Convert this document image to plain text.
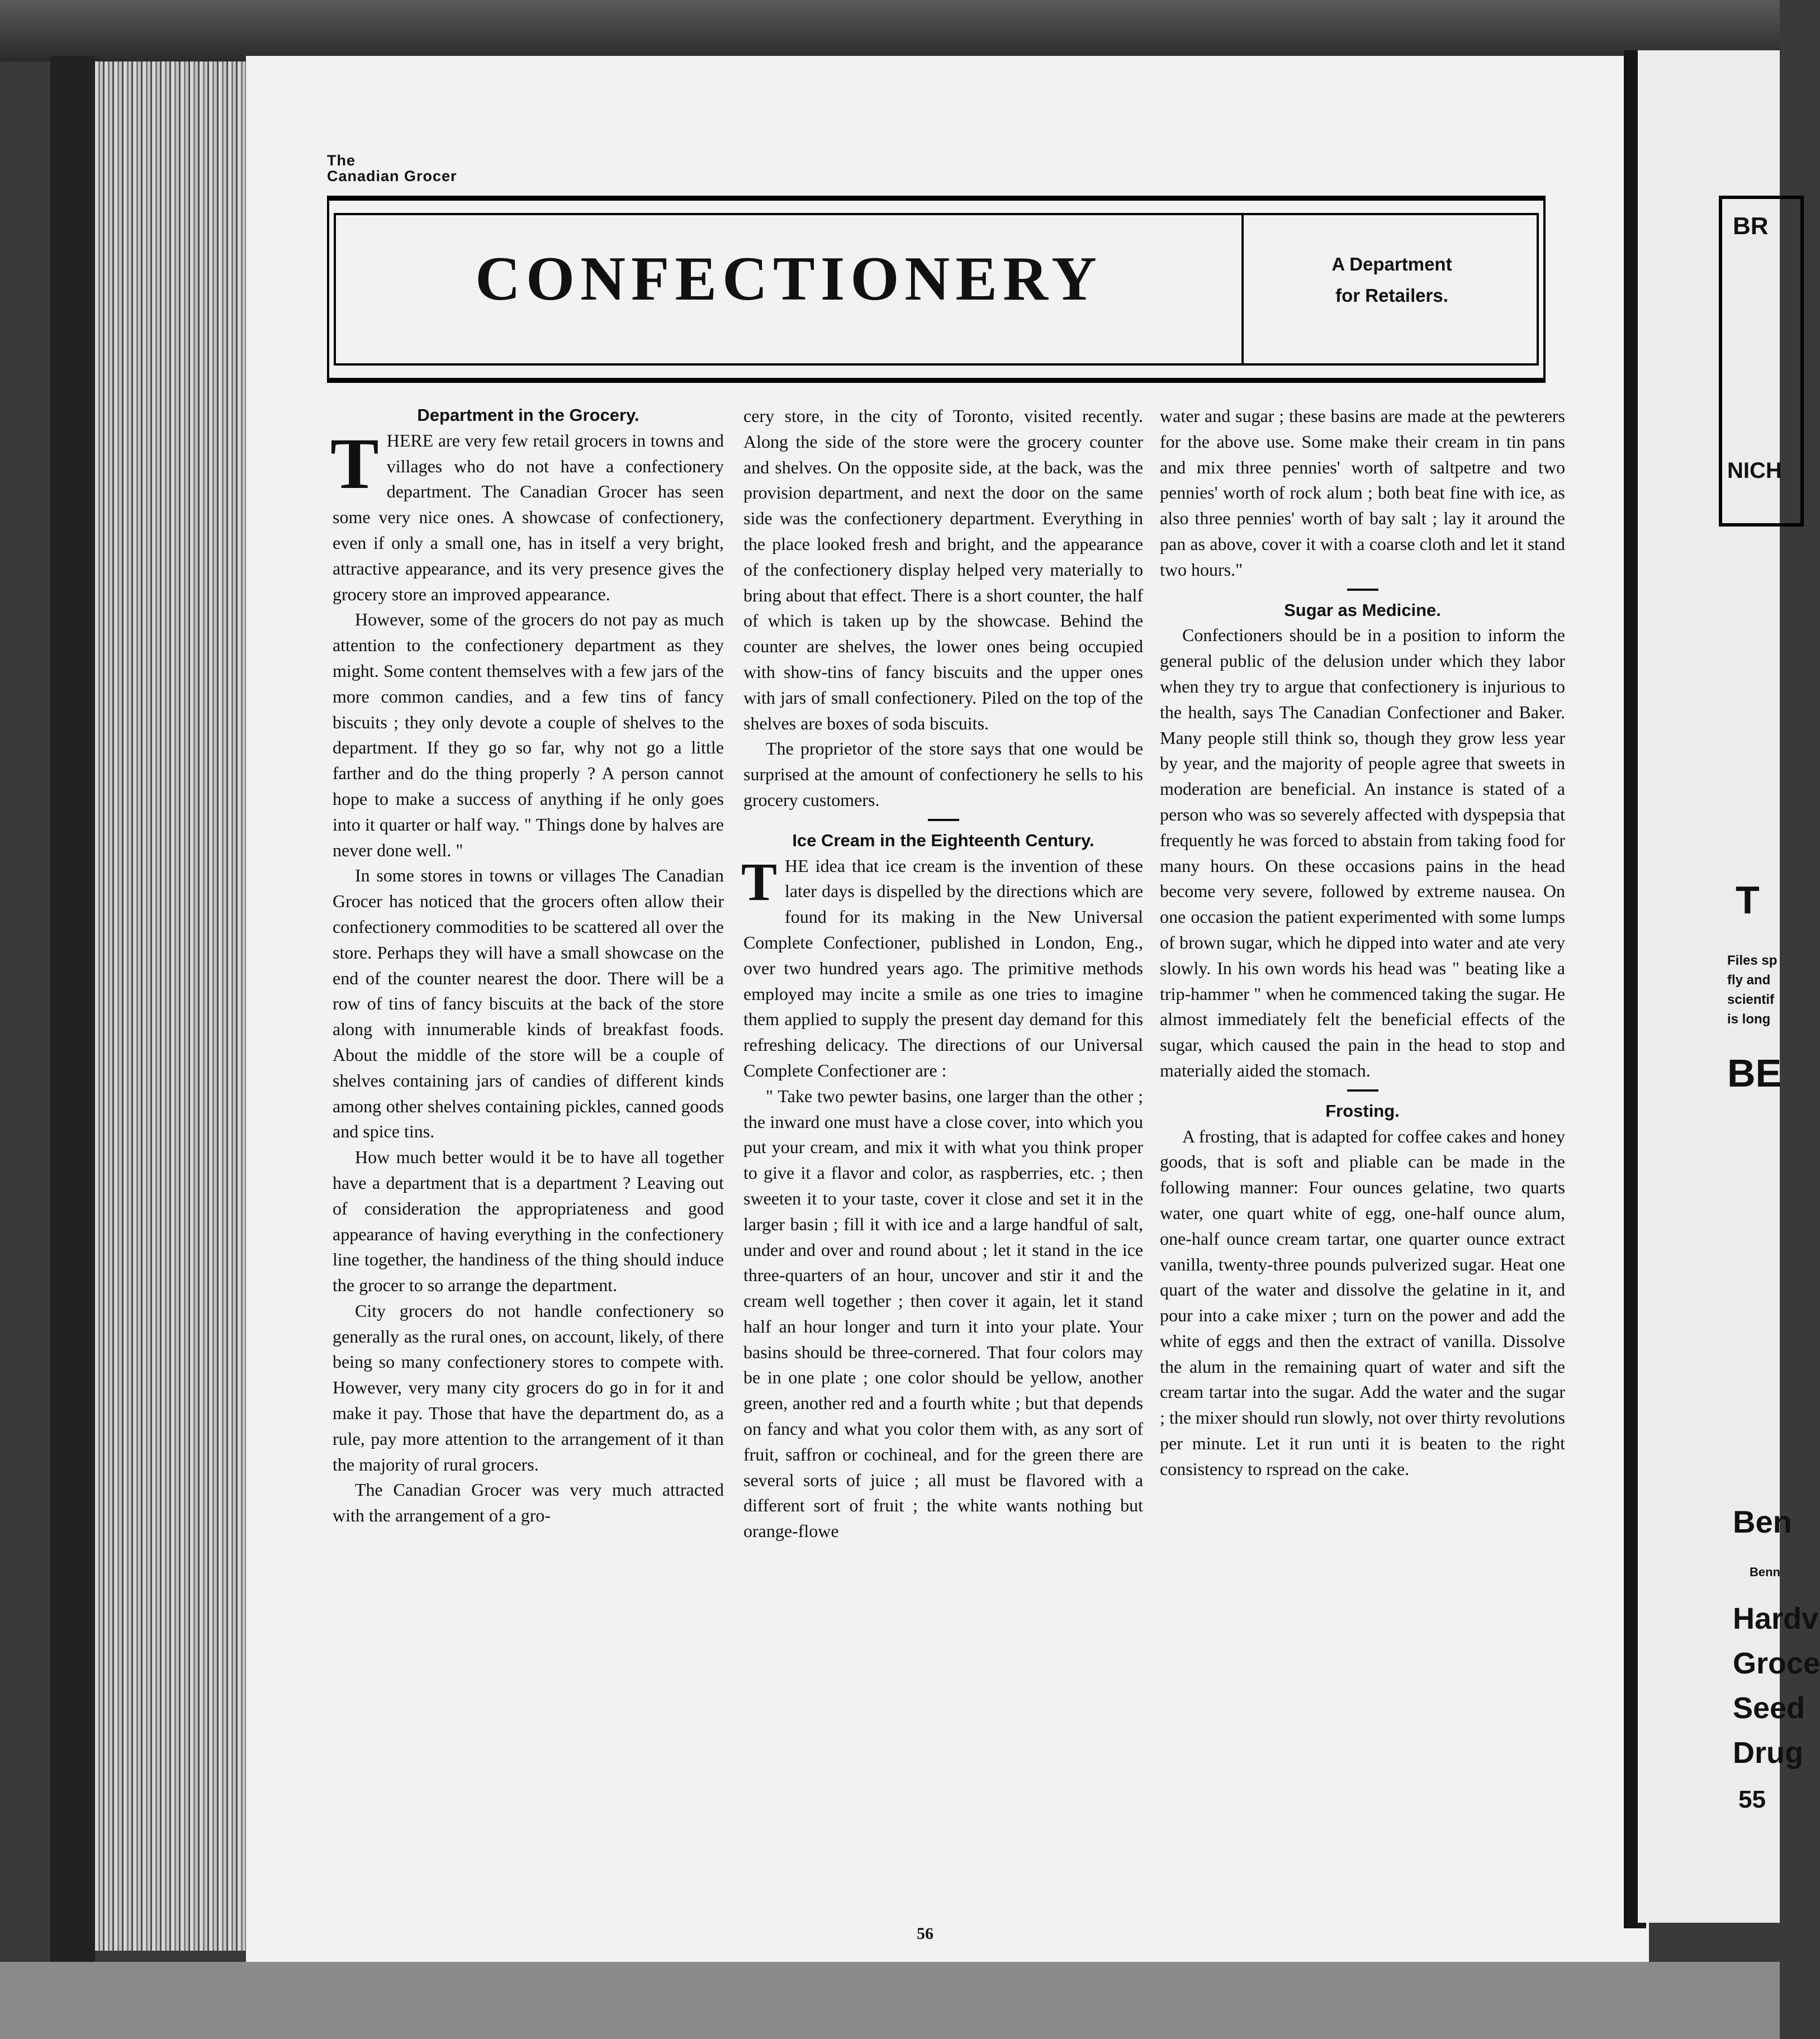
BR
NICH
T
Files sp
fly and
scientif
is long
BE
Ben
Benn
Hardv
Groce
Seed
Drug
55
The
Canadian Grocer
CONFECTIONERY	A Department
for Retailers.

Department in the Grocery.

THERE are very few retail grocers in towns and villages who do not have a confectionery department. The Canadian Grocer has seen some very nice ones. A showcase of confectionery, even if only a small one, has in itself a very bright, attractive appearance, and its very presence gives the grocery store an improved appearance.

However, some of the grocers do not pay as much attention to the confectionery department as they might. Some content themselves with a few jars of the more common candies, and a few tins of fancy biscuits ; they only devote a couple of shelves to the department. If they go so far, why not go a little farther and do the thing properly ? A person cannot hope to make a success of anything if he only goes into it quarter or half way. " Things done by halves are never done well. "

In some stores in towns or villages The Canadian Grocer has noticed that the grocers often allow their confectionery commodities to be scattered all over the store. Perhaps they will have a small showcase on the end of the counter nearest the door. There will be a row of tins of fancy biscuits at the back of the store along with innumerable kinds of breakfast foods. About the middle of the store will be a couple of shelves containing jars of candies of different kinds among other shelves containing pickles, canned goods and spice tins.

How much better would it be to have all together have a department that is a department ? Leaving out of consideration the appropriateness and good appearance of having everything in the confectionery line together, the handiness of the thing should induce the grocer to so arrange the department.

City grocers do not handle confectionery so generally as the rural ones, on account, likely, of there being so many confectionery stores to compete with. However, very many city grocers do go in for it and make it pay. Those that have the department do, as a rule, pay more attention to the arrangement of it than the majority of rural grocers.

The Canadian Grocer was very much attracted with the arrangement of a gro-

cery store, in the city of Toronto, visited recently. Along the side of the store were the grocery counter and shelves. On the opposite side, at the back, was the provision department, and next the door on the same side was the confectionery department. Everything in the place looked fresh and bright, and the appearance of the confectionery display helped very materially to bring about that effect. There is a short counter, the half of which is taken up by the showcase. Behind the counter are shelves, the lower ones being occupied with show-tins of fancy biscuits and the upper ones with jars of small confectionery. Piled on the top of the shelves are boxes of soda biscuits.

The proprietor of the store says that one would be surprised at the amount of confectionery he sells to his grocery customers.

Ice Cream in the Eighteenth Century.

THE idea that ice cream is the invention of these later days is dispelled by the directions which are found for its making in the New Universal Complete Confectioner, published in London, Eng., over two hundred years ago. The primitive methods employed may incite a smile as one tries to imagine them applied to supply the present day demand for this refreshing delicacy. The directions of our Universal Complete Confectioner are :

" Take two pewter basins, one larger than the other ; the inward one must have a close cover, into which you put your cream, and mix it with what you think proper to give it a flavor and color, as raspberries, etc. ; then sweeten it to your taste, cover it close and set it in the larger basin ; fill it with ice and a large handful of salt, under and over and round about ; let it stand in the ice three-quarters of an hour, uncover and stir it and the cream well together ; then cover it again, let it stand half an hour longer and turn it into your plate. Your basins should be three-cornered. That four colors may be in one plate ; one color should be yellow, another green, another red and a fourth white ; but that depends on fancy and what you color them with, as any sort of fruit, saffron or cochineal, and for the green there are several sorts of juice ; all must be flavored with a different sort of fruit ; the white wants nothing but orange-flowe

water and sugar ; these basins are made at the pewterers for the above use. Some make their cream in tin pans and mix three pennies' worth of saltpetre and two pennies' worth of rock alum ; both beat fine with ice, as also three pennies' worth of bay salt ; lay it around the pan as above, cover it with a coarse cloth and let it stand two hours."

Sugar as Medicine.

Confectioners should be in a position to inform the general public of the delusion under which they labor when they try to argue that confectionery is injurious to the health, says The Canadian Confectioner and Baker. Many people still think so, though they grow less year by year, and the majority of people agree that sweets in moderation are beneficial. An instance is stated of a person who was so severely affected with dyspepsia that frequently he was forced to abstain from taking food for many hours. On these occasions pains in the head become very severe, followed by extreme nausea. On one occasion the patient experimented with some lumps of brown sugar, which he dipped into water and ate very slowly. In his own words his head was " beating like a trip-hammer " when he commenced taking the sugar. He almost immediately felt the beneficial effects of the sugar, which caused the pain in the head to stop and materially aided the stomach.

Frosting.

A frosting, that is adapted for coffee cakes and honey goods, that is soft and pliable can be made in the following manner: Four ounces gelatine, two quarts water, one quart white of egg, one-half ounce alum, one-half ounce cream tartar, one quarter ounce extract vanilla, twenty-three pounds pulverized sugar. Heat one quart of the water and dissolve the gelatine in it, and pour into a cake mixer ; turn on the power and add the white of eggs and then the extract of vanilla. Dissolve the alum in the remaining quart of water and sift the cream tartar into the sugar. Add the water and the sugar ; the mixer should run slowly, not over thirty revolutions per minute. Let it run unti it is beaten to the right consistency to rspread on the cake.

56
